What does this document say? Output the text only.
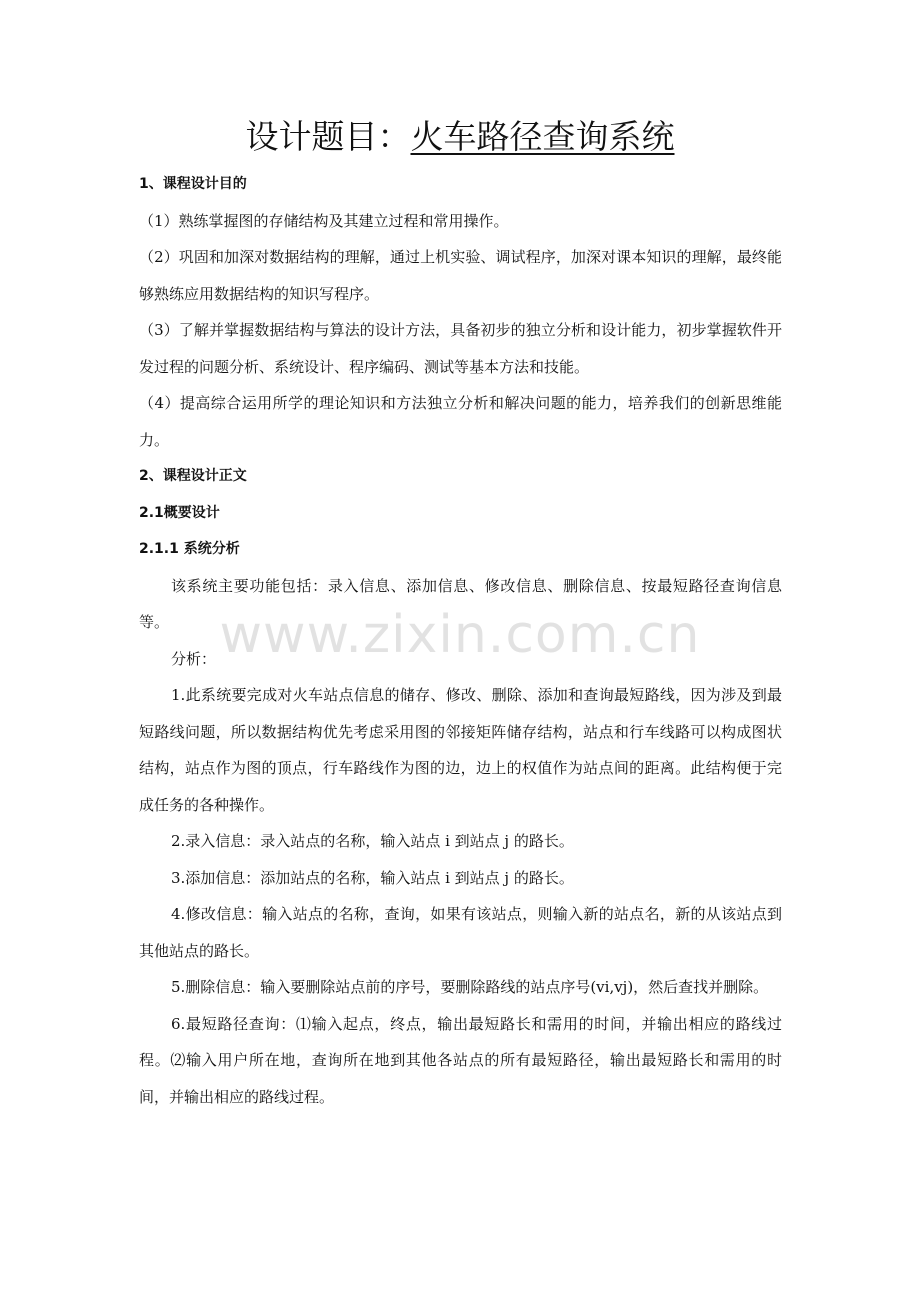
设计题目：火车路径查询系统

1、课程设计目的

（1）熟练掌握图的存储结构及其建立过程和常用操作。

（2）巩固和加深对数据结构的理解，通过上机实验、调试程序，加深对课本知识的理解，最终能够熟练应用数据结构的知识写程序。

（3）了解并掌握数据结构与算法的设计方法，具备初步的独立分析和设计能力，初步掌握软件开发过程的问题分析、系统设计、程序编码、测试等基本方法和技能。

（4）提高综合运用所学的理论知识和方法独立分析和解决问题的能力，培养我们的创新思维能力。

2、课程设计正文

2.1概要设计

2.1.1 系统分析

该系统主要功能包括：录入信息、添加信息、修改信息、删除信息、按最短路径查询信息等。

分析：

1.此系统要完成对火车站点信息的储存、修改、删除、添加和查询最短路线，因为涉及到最短路线问题，所以数据结构优先考虑采用图的邻接矩阵储存结构，站点和行车线路可以构成图状结构，站点作为图的顶点，行车路线作为图的边，边上的权值作为站点间的距离。此结构便于完成任务的各种操作。

2.录入信息：录入站点的名称，输入站点 i 到站点 j 的路长。

3.添加信息：添加站点的名称，输入站点 i 到站点 j 的路长。

4.修改信息：输入站点的名称，查询，如果有该站点，则输入新的站点名，新的从该站点到其他站点的路长。

5.删除信息：输入要删除站点前的序号，要删除路线的站点序号(vi,vj)，然后查找并删除。

6.最短路径查询：⑴输入起点，终点，输出最短路长和需用的时间，并输出相应的路线过程。⑵输入用户所在地，查询所在地到其他各站点的所有最短路径，输出最短路长和需用的时间，并输出相应的路线过程。

www.zixin.com.cn
